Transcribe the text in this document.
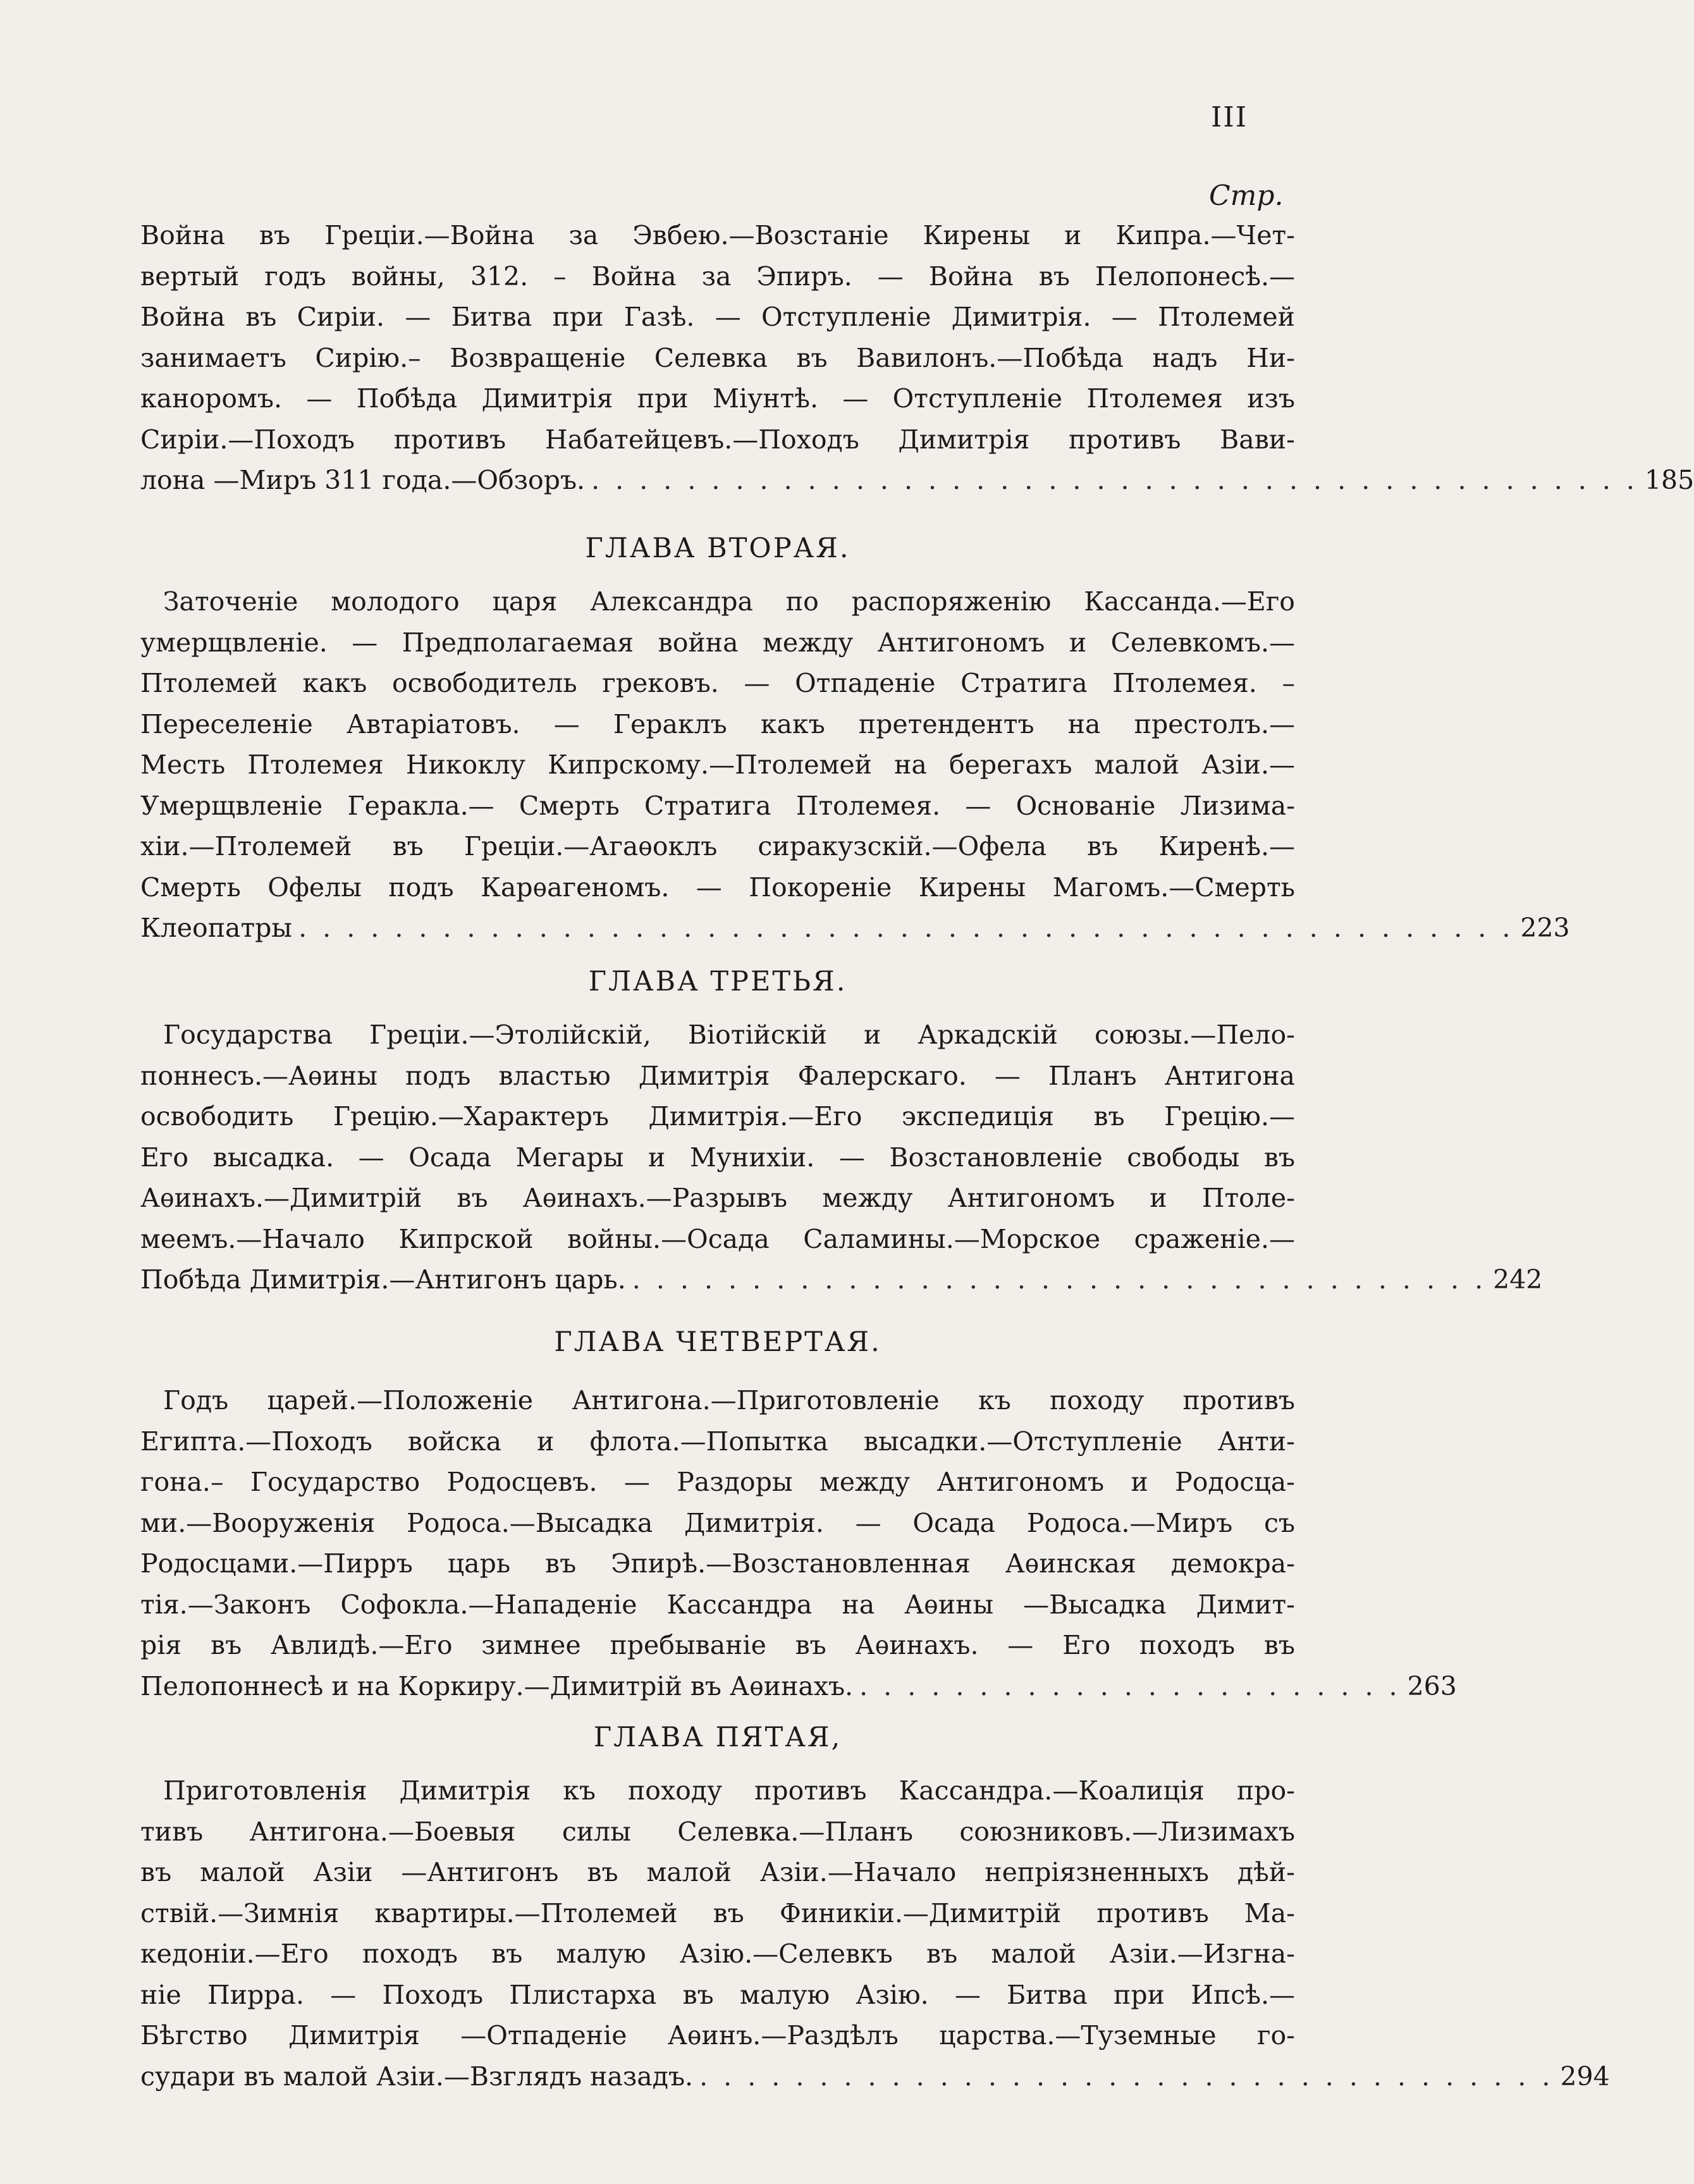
III
Стр.
Война въ Греціи.—Война за Эвбею.—Возстаніе Кирены и Кипра.—Чет-
вертый годъ войны, 312. – Война за Эпиръ. — Война въ Пелопонесѣ.—
Война въ Сиріи. — Битва при Газѣ. — Отступленіе Димитрія. — Птолемей
занимаетъ Сирію.– Возвращеніе Селевка въ Вавилонъ.—Побѣда надъ Ни-
каноромъ. — Побѣда Димитрія при Міунтѣ. — Отступленіе Птолемея изъ
Сиріи.—Походъ противъ Набатейцевъ.—Походъ Димитрія противъ Вави-
лона —Миръ 311 года.—Обзоръ. . . . . . . . . . . . . . . . . . . . . . . . . . . . . . . . . . . . . . . . . . . . . 185
ГЛАВА ВТОРАЯ.
Заточеніе молодого царя Александра по распоряженію Кассанда.—Его
умерщвленіе. — Предполагаемая война между Антигономъ и Селевкомъ.—
Птолемей какъ освободитель грековъ. — Отпаденіе Стратига Птолемея. –
Переселеніе Автаріатовъ. — Гераклъ какъ претендентъ на престолъ.—
Месть Птолемея Никоклу Кипрскому.—Птолемей на берегахъ малой Азіи.—
Умерщвленіе Геракла.— Смерть Стратига Птолемея. — Основаніе Лизима-
хіи.—Птолемей въ Греціи.—Агаѳоклъ сиракузскій.—Офела въ Киренѣ.—
Смерть Офелы подъ Карѳагеномъ. — Покореніе Кирены Магомъ.—Смерть
Клеопатры . . . . . . . . . . . . . . . . . . . . . . . . . . . . . . . . . . . . . . . . . . . . . . . . . . . 223
ГЛАВА ТРЕТЬЯ.
Государства Греціи.—Этолійскій, Віотійскій и Аркадскій союзы.—Пело-
поннесъ.—Аѳины подъ властью Димитрія Фалерскаго. — Планъ Антигона
освободить Грецію.—Характеръ Димитрія.—Его экспедиція въ Грецію.—
Его высадка. — Осада Мегары и Мунихіи. — Возстановленіе свободы въ
Аѳинахъ.—Димитрій въ Аѳинахъ.—Разрывъ между Антигономъ и Птоле-
меемъ.—Начало Кипрской войны.—Осада Саламины.—Морское сраженіе.—
Побѣда Димитрія.—Антигонъ царь. . . . . . . . . . . . . . . . . . . . . . . . . . . . . . . . . . . . . 242
ГЛАВА ЧЕТВЕРТАЯ.
Годъ царей.—Положеніе Антигона.—Приготовленіе къ походу противъ
Египта.—Походъ войска и флота.—Попытка высадки.—Отступленіе Анти-
гона.– Государство Родосцевъ. — Раздоры между Антигономъ и Родосца-
ми.—Вооруженія Родоса.—Высадка Димитрія. — Осада Родоса.—Миръ съ
Родосцами.—Пирръ царь въ Эпирѣ.—Возстановленная Аѳинская демокра-
тія.—Законъ Софокла.—Нападеніе Кассандра на Аѳины —Высадка Димит-
рія въ Авлидѣ.—Его зимнее пребываніе въ Аѳинахъ. — Его походъ въ
Пелопоннесѣ и на Коркиру.—Димитрій въ Аѳинахъ. . . . . . . . . . . . . . . . . . . . . . . . 263
ГЛАВА ПЯТАЯ,
Приготовленія Димитрія къ походу противъ Кассандра.—Коалиція про-
тивъ Антигона.—Боевыя силы Селевка.—Планъ союзниковъ.—Лизимахъ
въ малой Азіи —Антигонъ въ малой Азіи.—Начало непріязненныхъ дѣй-
ствій.—Зимнія квартиры.—Птолемей въ Финикіи.—Димитрій противъ Ма-
кедоніи.—Его походъ въ малую Азію.—Селевкъ въ малой Азіи.—Изгна-
ніе Пирра. — Походъ Плистарха въ малую Азію. — Битва при Ипсѣ.—
Бѣгство Димитрія —Отпаденіе Аѳинъ.—Раздѣлъ царства.—Туземные го-
судари въ малой Азіи.—Взглядъ назадъ. . . . . . . . . . . . . . . . . . . . . . . . . . . . . . . . . . . . . 294
